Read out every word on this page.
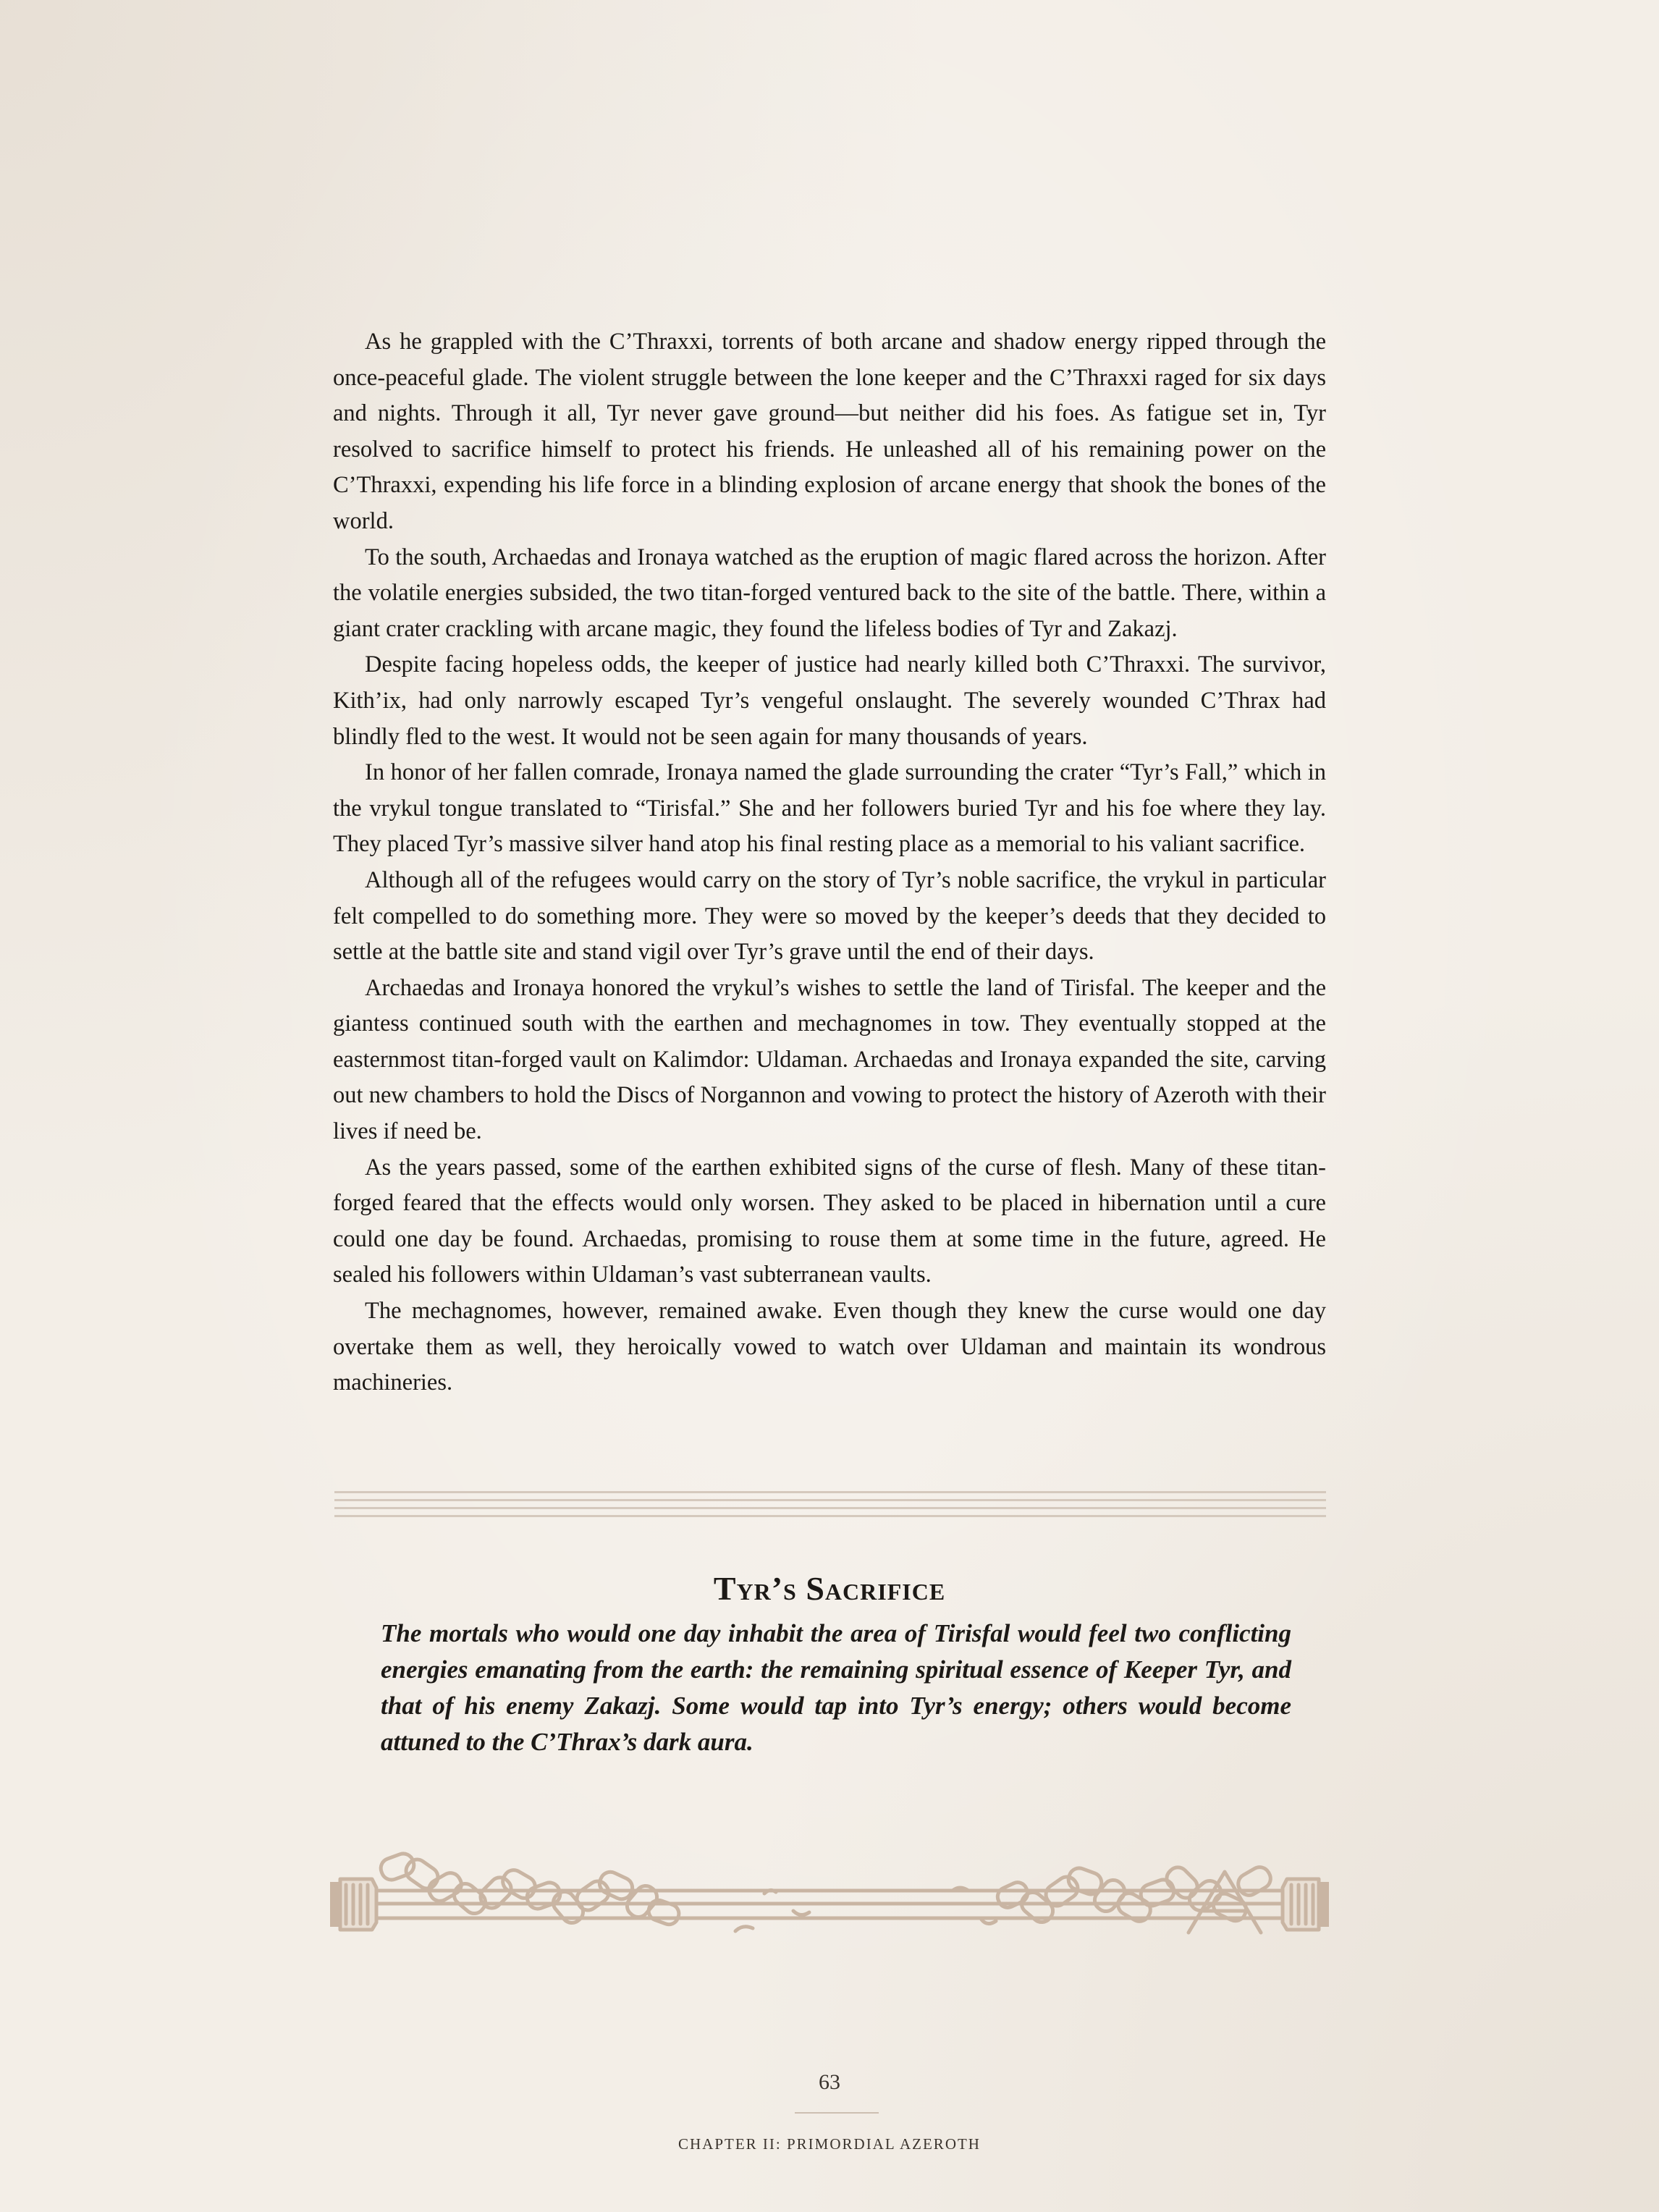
As he grappled with the C’Thraxxi, torrents of both arcane and shadow energy ripped through the once-peaceful glade. The violent struggle between the lone keeper and the C’Thraxxi raged for six days and nights. Through it all, Tyr never gave ground—but neither did his foes. As fatigue set in, Tyr resolved to sacrifice himself to protect his friends. He unleashed all of his remaining power on the C’Thraxxi, expending his life force in a blinding explosion of arcane energy that shook the bones of the world.

To the south, Archaedas and Ironaya watched as the eruption of magic flared across the horizon. After the volatile energies subsided, the two titan-forged ventured back to the site of the battle. There, within a giant crater crackling with arcane magic, they found the lifeless bodies of Tyr and Zakazj.

Despite facing hopeless odds, the keeper of justice had nearly killed both C’Thraxxi. The survivor, Kith’ix, had only narrowly escaped Tyr’s vengeful onslaught. The severely wounded C’Thrax had blindly fled to the west. It would not be seen again for many thousands of years.

In honor of her fallen comrade, Ironaya named the glade surrounding the crater “Tyr’s Fall,” which in the vrykul tongue translated to “Tirisfal.” She and her followers buried Tyr and his foe where they lay. They placed Tyr’s massive silver hand atop his final resting place as a memorial to his valiant sacrifice.

Although all of the refugees would carry on the story of Tyr’s noble sacrifice, the vrykul in particular felt compelled to do something more. They were so moved by the keeper’s deeds that they decided to settle at the battle site and stand vigil over Tyr’s grave until the end of their days.

Archaedas and Ironaya honored the vrykul’s wishes to settle the land of Tirisfal. The keeper and the giantess continued south with the earthen and mechagnomes in tow. They eventually stopped at the easternmost titan-forged vault on Kalimdor: Uldaman. Archaedas and Ironaya expanded the site, carving out new chambers to hold the Discs of Norgannon and vowing to protect the history of Azeroth with their lives if need be.

As the years passed, some of the earthen exhibited signs of the curse of flesh. Many of these titan-forged feared that the effects would only worsen. They asked to be placed in hibernation until a cure could one day be found. Archaedas, promising to rouse them at some time in the future, agreed. He sealed his followers within Uldaman’s vast subterranean vaults.

The mechagnomes, however, remained awake. Even though they knew the curse would one day overtake them as well, they heroically vowed to watch over Uldaman and maintain its wondrous machineries.

Tyr’s Sacrifice
The mortals who would one day inhabit the area of Tirisfal would feel two conflicting energies emanating from the earth: the remaining spiritual essence of Keeper Tyr, and that of his enemy Zakazj. Some would tap into Tyr’s energy; others would become attuned to the C’Thrax’s dark aura.
63
CHAPTER II: PRIMORDIAL AZEROTH
